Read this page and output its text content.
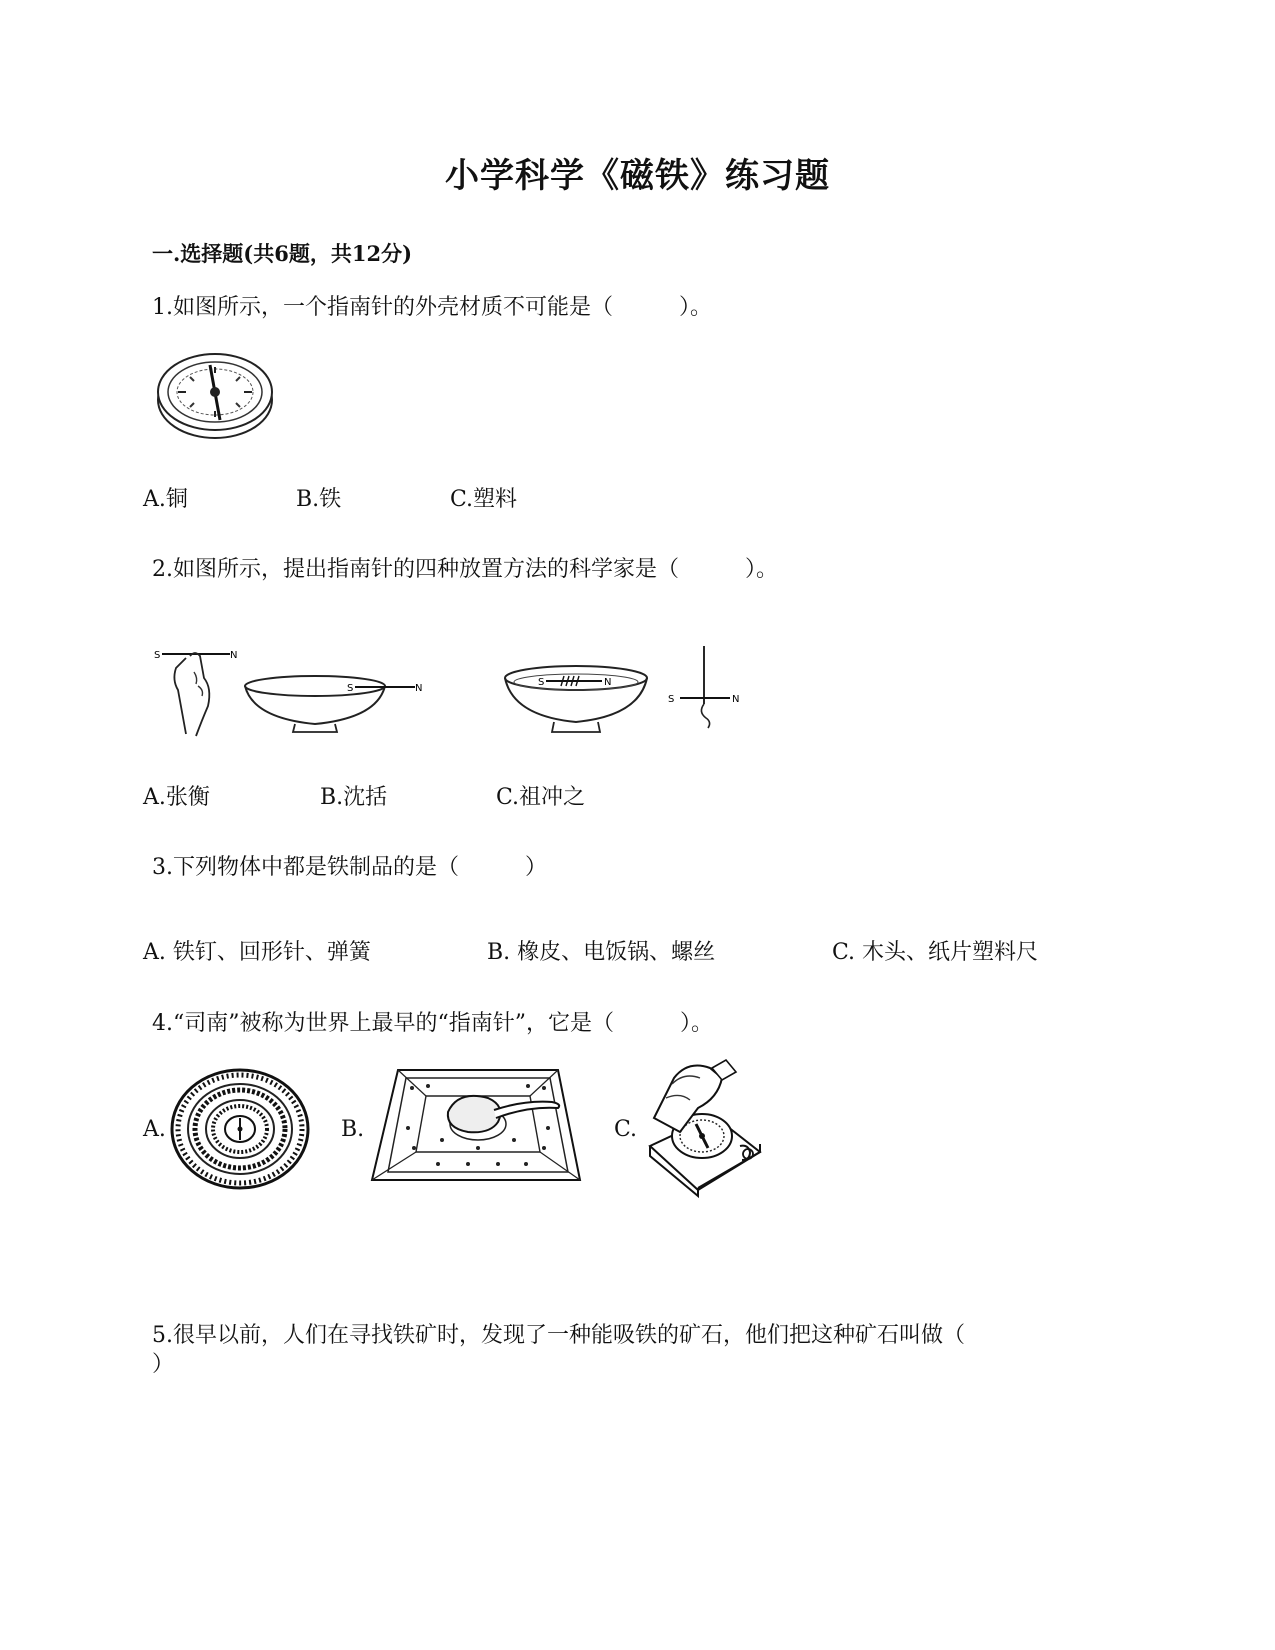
小学科学《磁铁》练习题
一.选择题(共6题，共12分)
1.如图所示，一个指南针的外壳材质不可能是（　　　）。
A.铜	B.铁	C.塑料
2.如图所示，提出指南针的四种放置方法的科学家是（　　　）。
S	N
S	N
S	N
S	N
A.张衡	B.沈括	C.祖冲之
3.下列物体中都是铁制品的是（　　　）
A. 铁钉、回形针、弹簧	B. 橡皮、电饭锅、螺丝	C. 木头、纸片塑料尺
4.“司南”被称为世界上最早的“指南针”，它是（　　　）。
A.	B.	C.
5.很早以前，人们在寻找铁矿时，发现了一种能吸铁的矿石，他们把这种矿石叫做（
）
